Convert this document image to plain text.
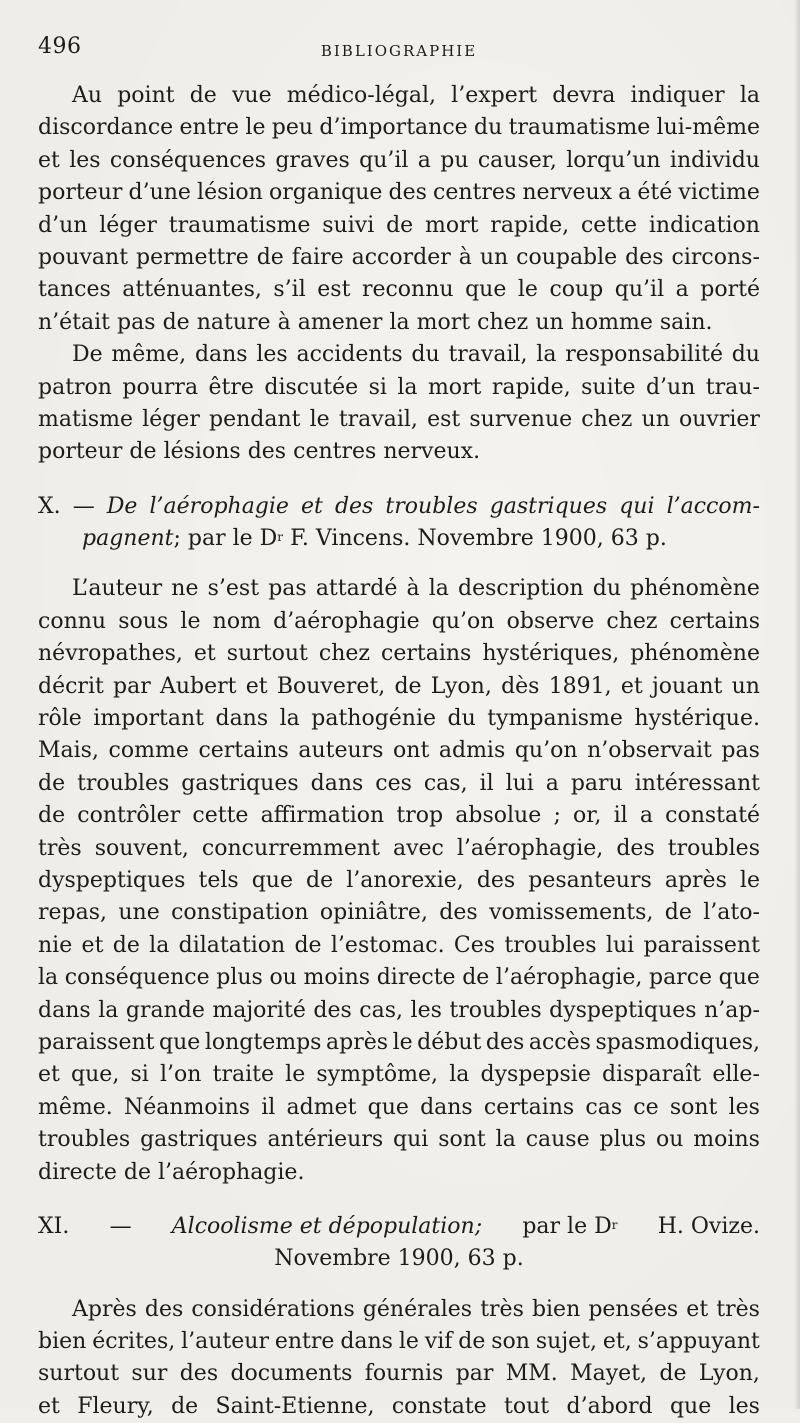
496	BIBLIOGRAPHIE
Au point de vue médico-légal, l’expert devra indiquer la
discordance entre le peu d’importance du traumatisme lui-même
et les conséquences graves qu’il a pu causer, lorqu’un individu
porteur d’une lésion organique des centres nerveux a été victime
d’un léger traumatisme suivi de mort rapide, cette indication
pouvant permettre de faire accorder à un coupable des circons-
tances atténuantes, s’il est reconnu que le coup qu’il a porté
n’était pas de nature à amener la mort chez un homme sain.
De même, dans les accidents du travail, la responsabilité du
patron pourra être discutée si la mort rapide, suite d’un trau-
matisme léger pendant le travail, est survenue chez un ouvrier
porteur de lésions des centres nerveux.
X. — De l’aérophagie et des troubles gastriques qui l’accom-
pagnent ; par le $D^r$ F. Vincens. Novembre 1900, 63 p.
L’auteur ne s’est pas attardé à la description du phénomène
connu sous le nom d’aérophagie qu’on observe chez certains
névropathes, et surtout chez certains hystériques, phénomène
décrit par Aubert et Bouveret, de Lyon, dès 1891, et jouant un
rôle important dans la pathogénie du tympanisme hystérique.
Mais, comme certains auteurs ont admis qu’on n’observait pas
de troubles gastriques dans ces cas, il lui a paru intéressant
de contrôler cette affirmation trop absolue ; or, il a constaté
très souvent, concurremment avec l’aérophagie, des troubles
dyspeptiques tels que de l’anorexie, des pesanteurs après le
repas, une constipation opiniâtre, des vomissements, de l’ato-
nie et de la dilatation de l’estomac. Ces troubles lui paraissent
la conséquence plus ou moins directe de l’aérophagie, parce que
dans la grande majorité des cas, les troubles dyspeptiques n’ap-
paraissent que longtemps après le début des accès spasmodiques,
et que, si l’on traite le symptôme, la dyspepsie disparaît elle-
même. Néanmoins il admet que dans certains cas ce sont les
troubles gastriques antérieurs qui sont la cause plus ou moins
directe de l’aérophagie.
XI. — Alcoolisme et dépopulation; par le $D^r$ H. Ovize.
Novembre 1900, 63 p.
Après des considérations générales très bien pensées et très
bien écrites, l’auteur entre dans le vif de son sujet, et, s’appuyant
surtout sur des documents fournis par MM. Mayet, de Lyon,
et Fleury, de Saint-Etienne, constate tout d’abord que les
